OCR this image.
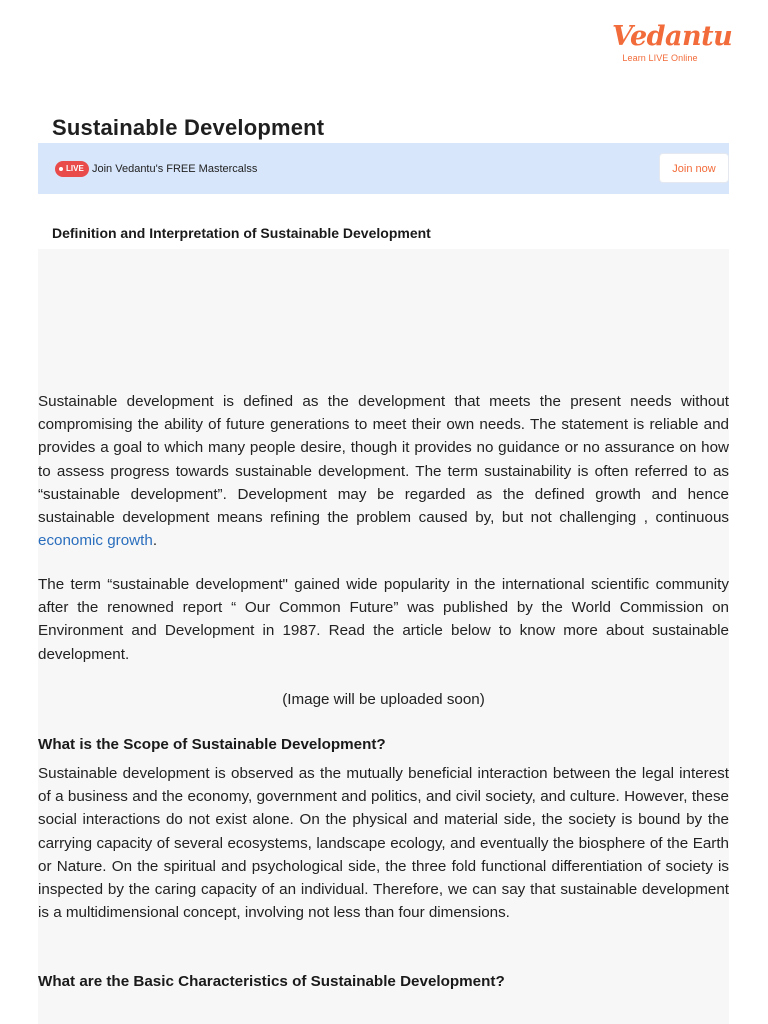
Vedantu
Learn LIVE Online
Sustainable Development
LIVE Join Vedantu's FREE Mastercalss	Join now
Definition and Interpretation of Sustainable Development

Sustainable development is defined as the development that meets the present needs without compromising the ability of future generations to meet their own needs. The statement is reliable and provides a goal to which many people desire, though it provides no guidance or no assurance on how to assess progress towards sustainable development. The term sustainability is often referred to as “sustainable development”. Development may be regarded as the defined growth and hence sustainable development means refining the problem caused by, but not challenging , continuous economic growth.

The term “sustainable development" gained wide popularity in the international scientific community after the renowned report “ Our Common Future” was published by the World Commission on Environment and Development in 1987. Read the article below to know more about sustainable development.

(Image will be uploaded soon)

What is the Scope of Sustainable Development?

Sustainable development is observed as the mutually beneficial interaction between the legal interest of a business and the economy, government and politics, and civil society, and culture. However, these social interactions do not exist alone. On the physical and material side, the society is bound by the carrying capacity of several ecosystems, landscape ecology, and eventually the biosphere of the Earth or Nature. On the spiritual and psychological side, the three fold functional differentiation of society is inspected by the caring capacity of an individual. Therefore, we can say that sustainable development is a multidimensional concept, involving not less than four dimensions.

What are the Basic Characteristics of Sustainable Development?
